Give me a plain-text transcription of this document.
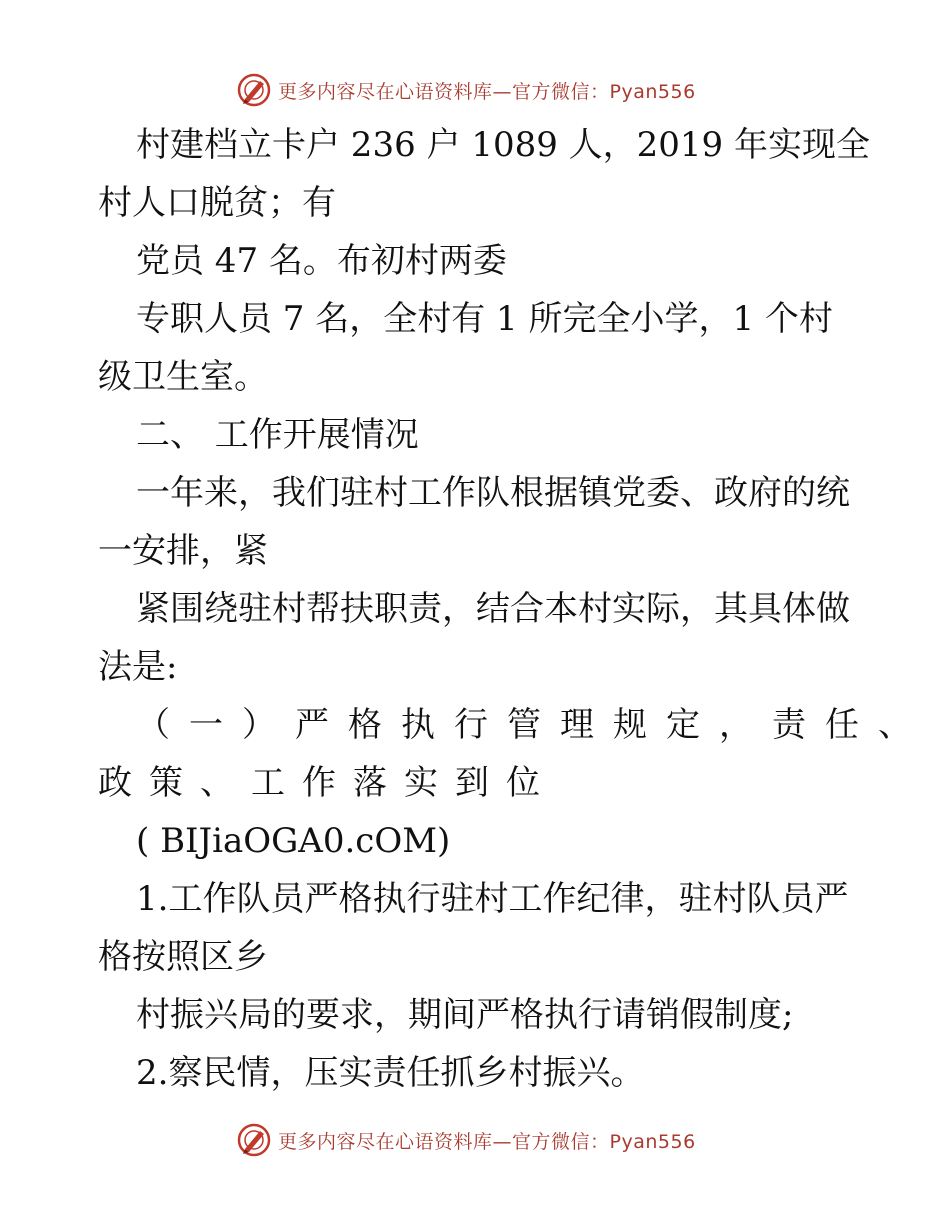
更多内容尽在心语资料库—官方微信：Pyan556
村建档立卡户 236 户 1089 人，2019 年实现全
村人口脱贫；有
党员 47 名。布初村两委
专职人员 7 名，全村有 1 所完全小学，1 个村
级卫生室。
二、 工作开展情况
一年来，我们驻村工作队根据镇党委、政府的统
一安排，紧
紧围绕驻村帮扶职责，结合本村实际，其具体做
法是:
（一）严格执行管理规定，责任、
政策、工作落实到位
( BIJiaOGA0.cOM)
1.工作队员严格执行驻村工作纪律，驻村队员严
格按照区乡
村振兴局的要求，期间严格执行请销假制度;
2.察民情，压实责任抓乡村振兴。
更多内容尽在心语资料库—官方微信：Pyan556
